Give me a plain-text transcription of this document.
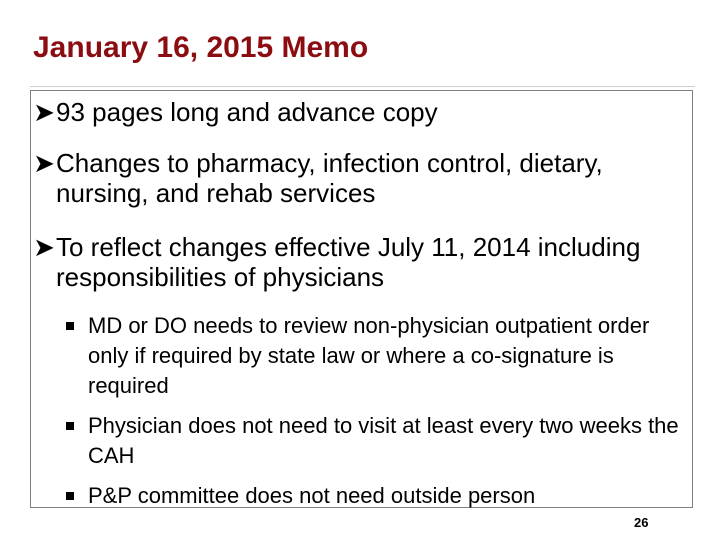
January 16, 2015 Memo
➤ 93 pages long and advance copy
➤ Changes to pharmacy, infection control, dietary, nursing, and rehab services
➤ To reflect changes effective July 11, 2014 including responsibilities of physicians
MD or DO needs to review non-physician outpatient order only if required by state law or where a co-signature is required
Physician does not need to visit at least every two weeks the CAH
P&P committee does not need outside person
26
